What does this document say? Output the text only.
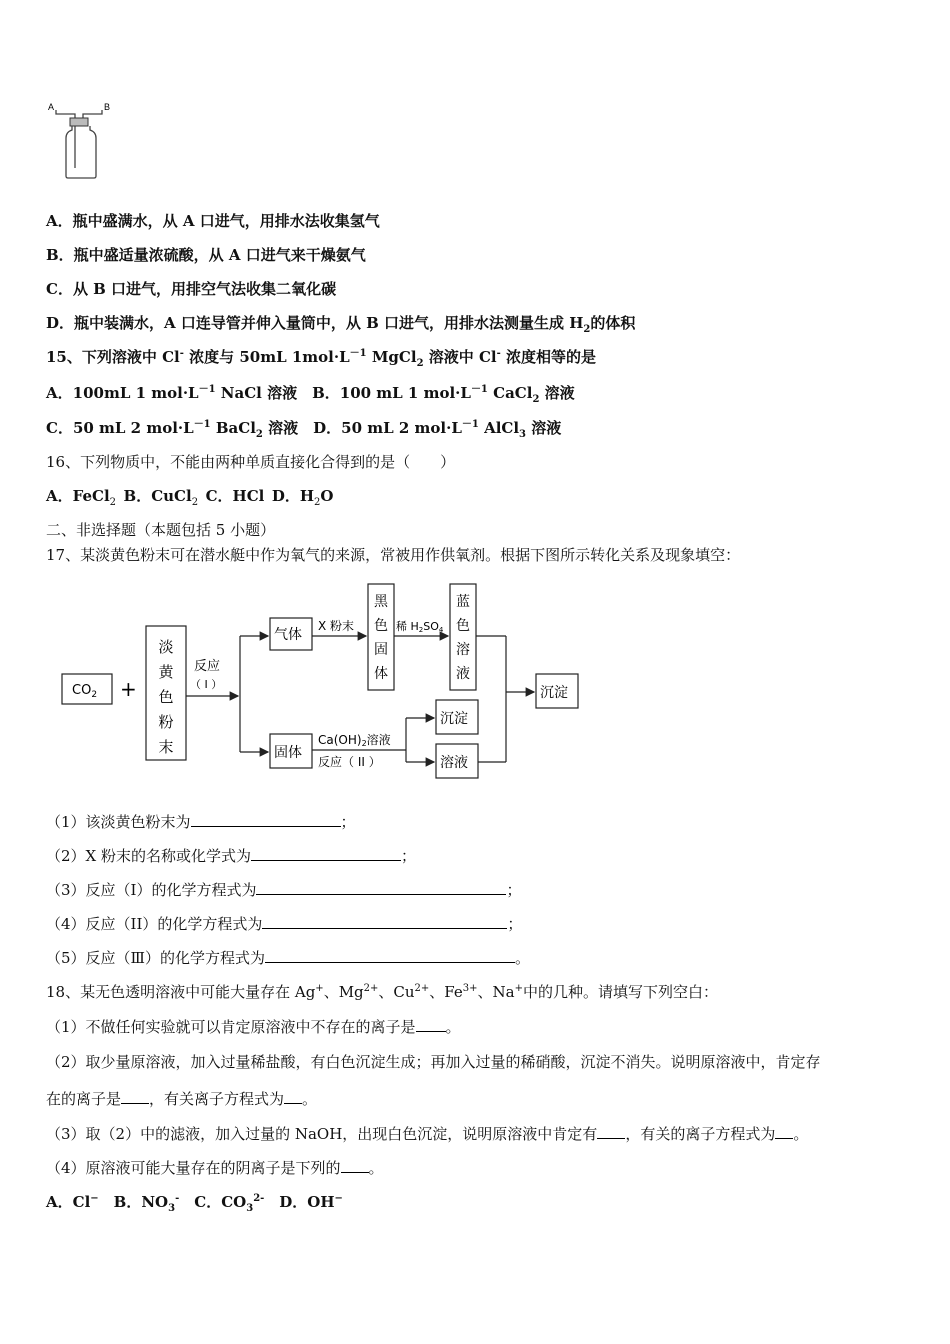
A	B
A．瓶中盛满水，从 A 口进气，用排水法收集氢气
B．瓶中盛适量浓硫酸，从 A 口进气来干燥氨气
C．从 B 口进气，用排空气法收集二氧化碳
D．瓶中装满水，A 口连导管并伸入量筒中，从 B 口进气，用排水法测量生成 $H_2$的体积
15、下列溶液中 Cl- 浓度与 50mL $1mol\cdot L^{-1}$ MgCl$_2$ 溶液中 Cl- 浓度相等的是
A．100mL 1 $mol\cdot L^{-1}$ NaCl 溶液  B．100 mL 1 $mol\cdot L^{-1}$ CaCl$_2$ 溶液
C．50 mL 2 $mol\cdot L^{-1}$ BaCl$_2$ 溶液  D．50 mL 2 $mol\cdot L^{-1}$ AlCl$_3$ 溶液
16、下列物质中，不能由两种单质直接化合得到的是（　　）
A．FeCl$_2$  B．CuCl$_2$  C．HCl  D．$H_2O$
二、非选择题（本题包括 5 小题）
17、某淡黄色粉末可在潜水艇中作为氧气的来源，常被用作供氧剂。根据下图所示转化关系及现象填空：
$CO_2$ +
淡
黄
色
粉
末
反应
（ I ）
气体
X 粉末
黑
色
固
体
稀 H2SO4
蓝
色
溶
液
固体
Ca(OH)2溶液
反应（ II ）
沉淀
溶液
沉淀
（1）该淡黄色粉末为	；
（2）X 粉末的名称或化学式为	；
（3）反应（I）的化学方程式为	；
（4）反应（II）的化学方程式为	；
（5）反应（Ⅲ）的化学方程式为	。
18、某无色透明溶液中可能大量存在 Ag+、$Mg^{2+}$、$Cu^{2+}$、$Fe^{3+}$、Na+中的几种。请填写下列空白：
（1）不做任何实验就可以肯定原溶液中不存在的离子是 。
（2）取少量原溶液，加入过量稀盐酸，有白色沉淀生成；再加入过量的稀硝酸，沉淀不消失。说明原溶液中，肯定存
在的离子是 ，有关离子方程式为 。
（3）取（2）中的滤液，加入过量的 NaOH，出现白色沉淀，说明原溶液中肯定有 ，有关的离子方程式为 。
（4）原溶液可能大量存在的阴离子是下列的 。
A．Cl−  B．$NO_3^-$  C．$CO_3^{2-}$  D．OH−
